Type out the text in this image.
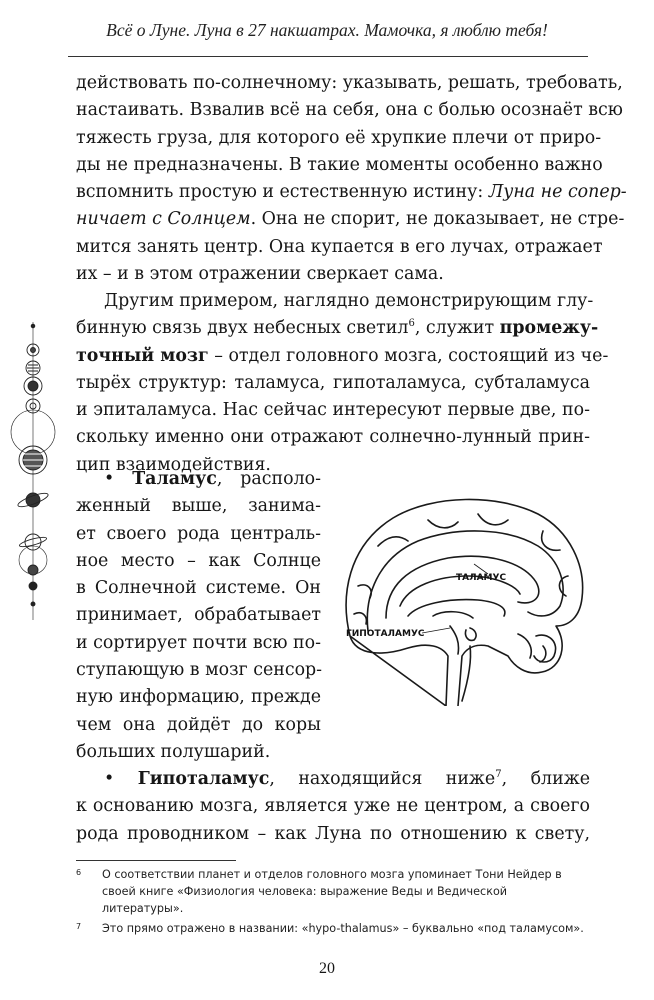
Всё о Луне. Луна в 27 накшатрах. Мамочка, я люблю тебя!
действовать по-солнечному: указывать, решать, требовать,
настаивать. Взвалив всё на себя, она с болью осознаёт всю
тяжесть груза, для которого её хрупкие плечи от приро-
ды не предназначены. В такие моменты особенно важно
вспомнить простую и естественную истину: Луна не сопер-
ничает с Солнцем. Она не спорит, не доказывает, не стре-
мится занять центр. Она купается в его лучах, отражает
их – и в этом отражении сверкает сама.
Другим примером, наглядно демонстрирующим глу-
бинную связь двух небесных светил$^6$, служит промежу-
точный мозг – отдел головного мозга, состоящий из че-
тырёх структур: таламуса, гипоталамуса, субталамуса
и эпиталамуса. Нас сейчас интересуют первые две, по-
скольку именно они отражают солнечно-лунный прин-
цип взаимодействия.
• Таламус, располо-
женный выше, занима-
ет своего рода централь-
ное место – как Солнце
в Солнечной системе. Он
принимает, обрабатывает
и сортирует почти всю по-
ступающую в мозг сенсор-
ную информацию, прежде
чем она дойдёт до коры
больших полушарий.
ТАЛАМУС
ГИПОТАЛАМУС
• Гипоталамус, находящийся ниже$^7$, ближе
к основанию мозга, является уже не центром, а своего
рода проводником – как Луна по отношению к свету,
6 О соответствии планет и отделов головного мозга упоминает Тони Нейдер в своей книге «Физиология человека: выражение Веды и Ведической литературы».
7 Это прямо отражено в названии: «hypo-thalamus» – буквально «под таламусом».
20
